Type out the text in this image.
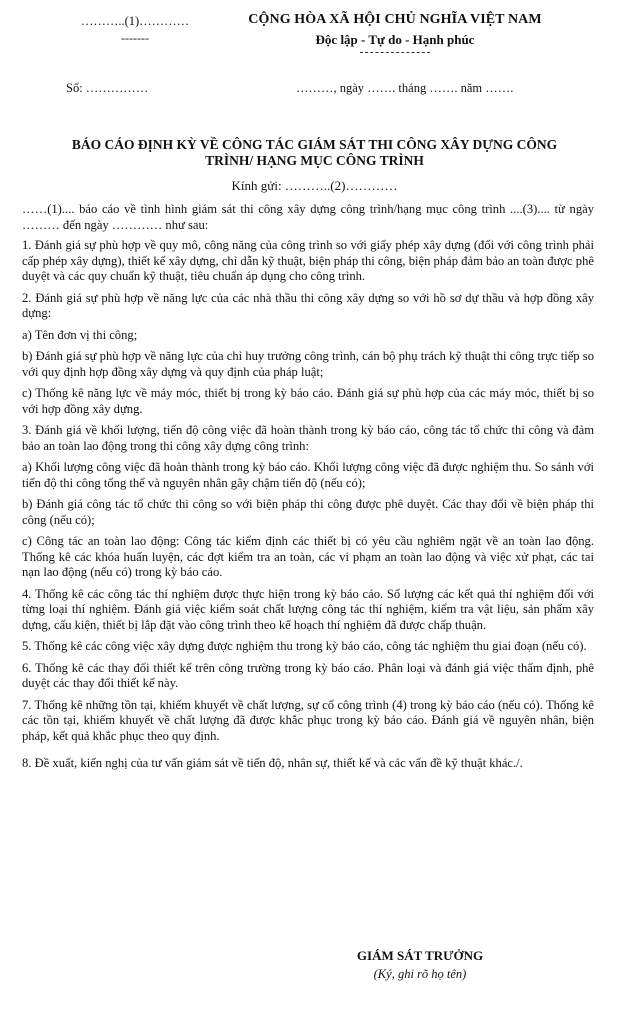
………..(1)…………
-------
CỘNG HÒA XÃ HỘI CHỦ NGHĨA VIỆT NAM
Độc lập - Tự do - Hạnh phúc
Số: ……………	………, ngày ……. tháng ……. năm …….
BÁO CÁO ĐỊNH KỲ VỀ CÔNG TÁC GIÁM SÁT THI CÔNG XÂY DỰNG CÔNG
TRÌNH/ HẠNG MỤC CÔNG TRÌNH
Kính gửi: ………..(2)…………

……(1).... báo cáo về tình hình giám sát thi công xây dựng công trình/hạng mục công trình ....(3).... từ ngày ……… đến ngày ………… như sau:

1. Đánh giá sự phù hợp về quy mô, công năng của công trình so với giấy phép xây dựng (đối với công trình phải cấp phép xây dựng), thiết kế xây dựng, chỉ dẫn kỹ thuật, biện pháp thi công, biện pháp đảm bảo an toàn được phê duyệt và các quy chuẩn kỹ thuật, tiêu chuẩn áp dụng cho công trình.

2. Đánh giá sự phù hợp về năng lực của các nhà thầu thi công xây dựng so với hồ sơ dự thầu và hợp đồng xây dựng:

a) Tên đơn vị thi công;

b) Đánh giá sự phù hợp về năng lực của chỉ huy trưởng công trình, cán bộ phụ trách kỹ thuật thi công trực tiếp so với quy định hợp đồng xây dựng và quy định của pháp luật;

c) Thống kê năng lực về máy móc, thiết bị trong kỳ báo cáo. Đánh giá sự phù hợp của các máy móc, thiết bị so với hợp đồng xây dựng.

3. Đánh giá về khối lượng, tiến độ công việc đã hoàn thành trong kỳ báo cáo, công tác tổ chức thi công và đảm bảo an toàn lao động trong thi công xây dựng công trình:

a) Khối lượng công việc đã hoàn thành trong kỳ báo cáo. Khối lượng công việc đã được nghiệm thu. So sánh với tiến độ thi công tổng thể và nguyên nhân gây chậm tiến độ (nếu có);

b) Đánh giá công tác tổ chức thi công so với biện pháp thi công được phê duyệt. Các thay đổi về biện pháp thi công (nếu có);

c) Công tác an toàn lao động: Công tác kiểm định các thiết bị có yêu cầu nghiêm ngặt về an toàn lao động. Thống kê các khóa huấn luyện, các đợt kiểm tra an toàn, các vi phạm an toàn lao động và việc xử phạt, các tai nạn lao động (nếu có) trong kỳ báo cáo.

4. Thống kê các công tác thí nghiệm được thực hiện trong kỳ báo cáo. Số lượng các kết quả thí nghiệm đối với từng loại thí nghiệm. Đánh giá việc kiểm soát chất lượng công tác thí nghiệm, kiểm tra vật liệu, sản phẩm xây dựng, cấu kiện, thiết bị lắp đặt vào công trình theo kế hoạch thí nghiệm đã được chấp thuận.

5. Thống kê các công việc xây dựng được nghiệm thu trong kỳ báo cáo, công tác nghiệm thu giai đoạn (nếu có).

6. Thống kê các thay đổi thiết kế trên công trường trong kỳ báo cáo. Phân loại và đánh giá việc thẩm định, phê duyệt các thay đổi thiết kế này.

7. Thống kê những tồn tại, khiếm khuyết về chất lượng, sự cố công trình (4) trong kỳ báo cáo (nếu có). Thống kê các tồn tại, khiếm khuyết về chất lượng đã được khắc phục trong kỳ báo cáo. Đánh giá về nguyên nhân, biện pháp, kết quả khắc phục theo quy định.

8. Đề xuất, kiến nghị của tư vấn giám sát về tiến độ, nhân sự, thiết kế và các vấn đề kỹ thuật khác./.

GIÁM SÁT TRƯỞNG
(Ký, ghi rõ họ tên)
